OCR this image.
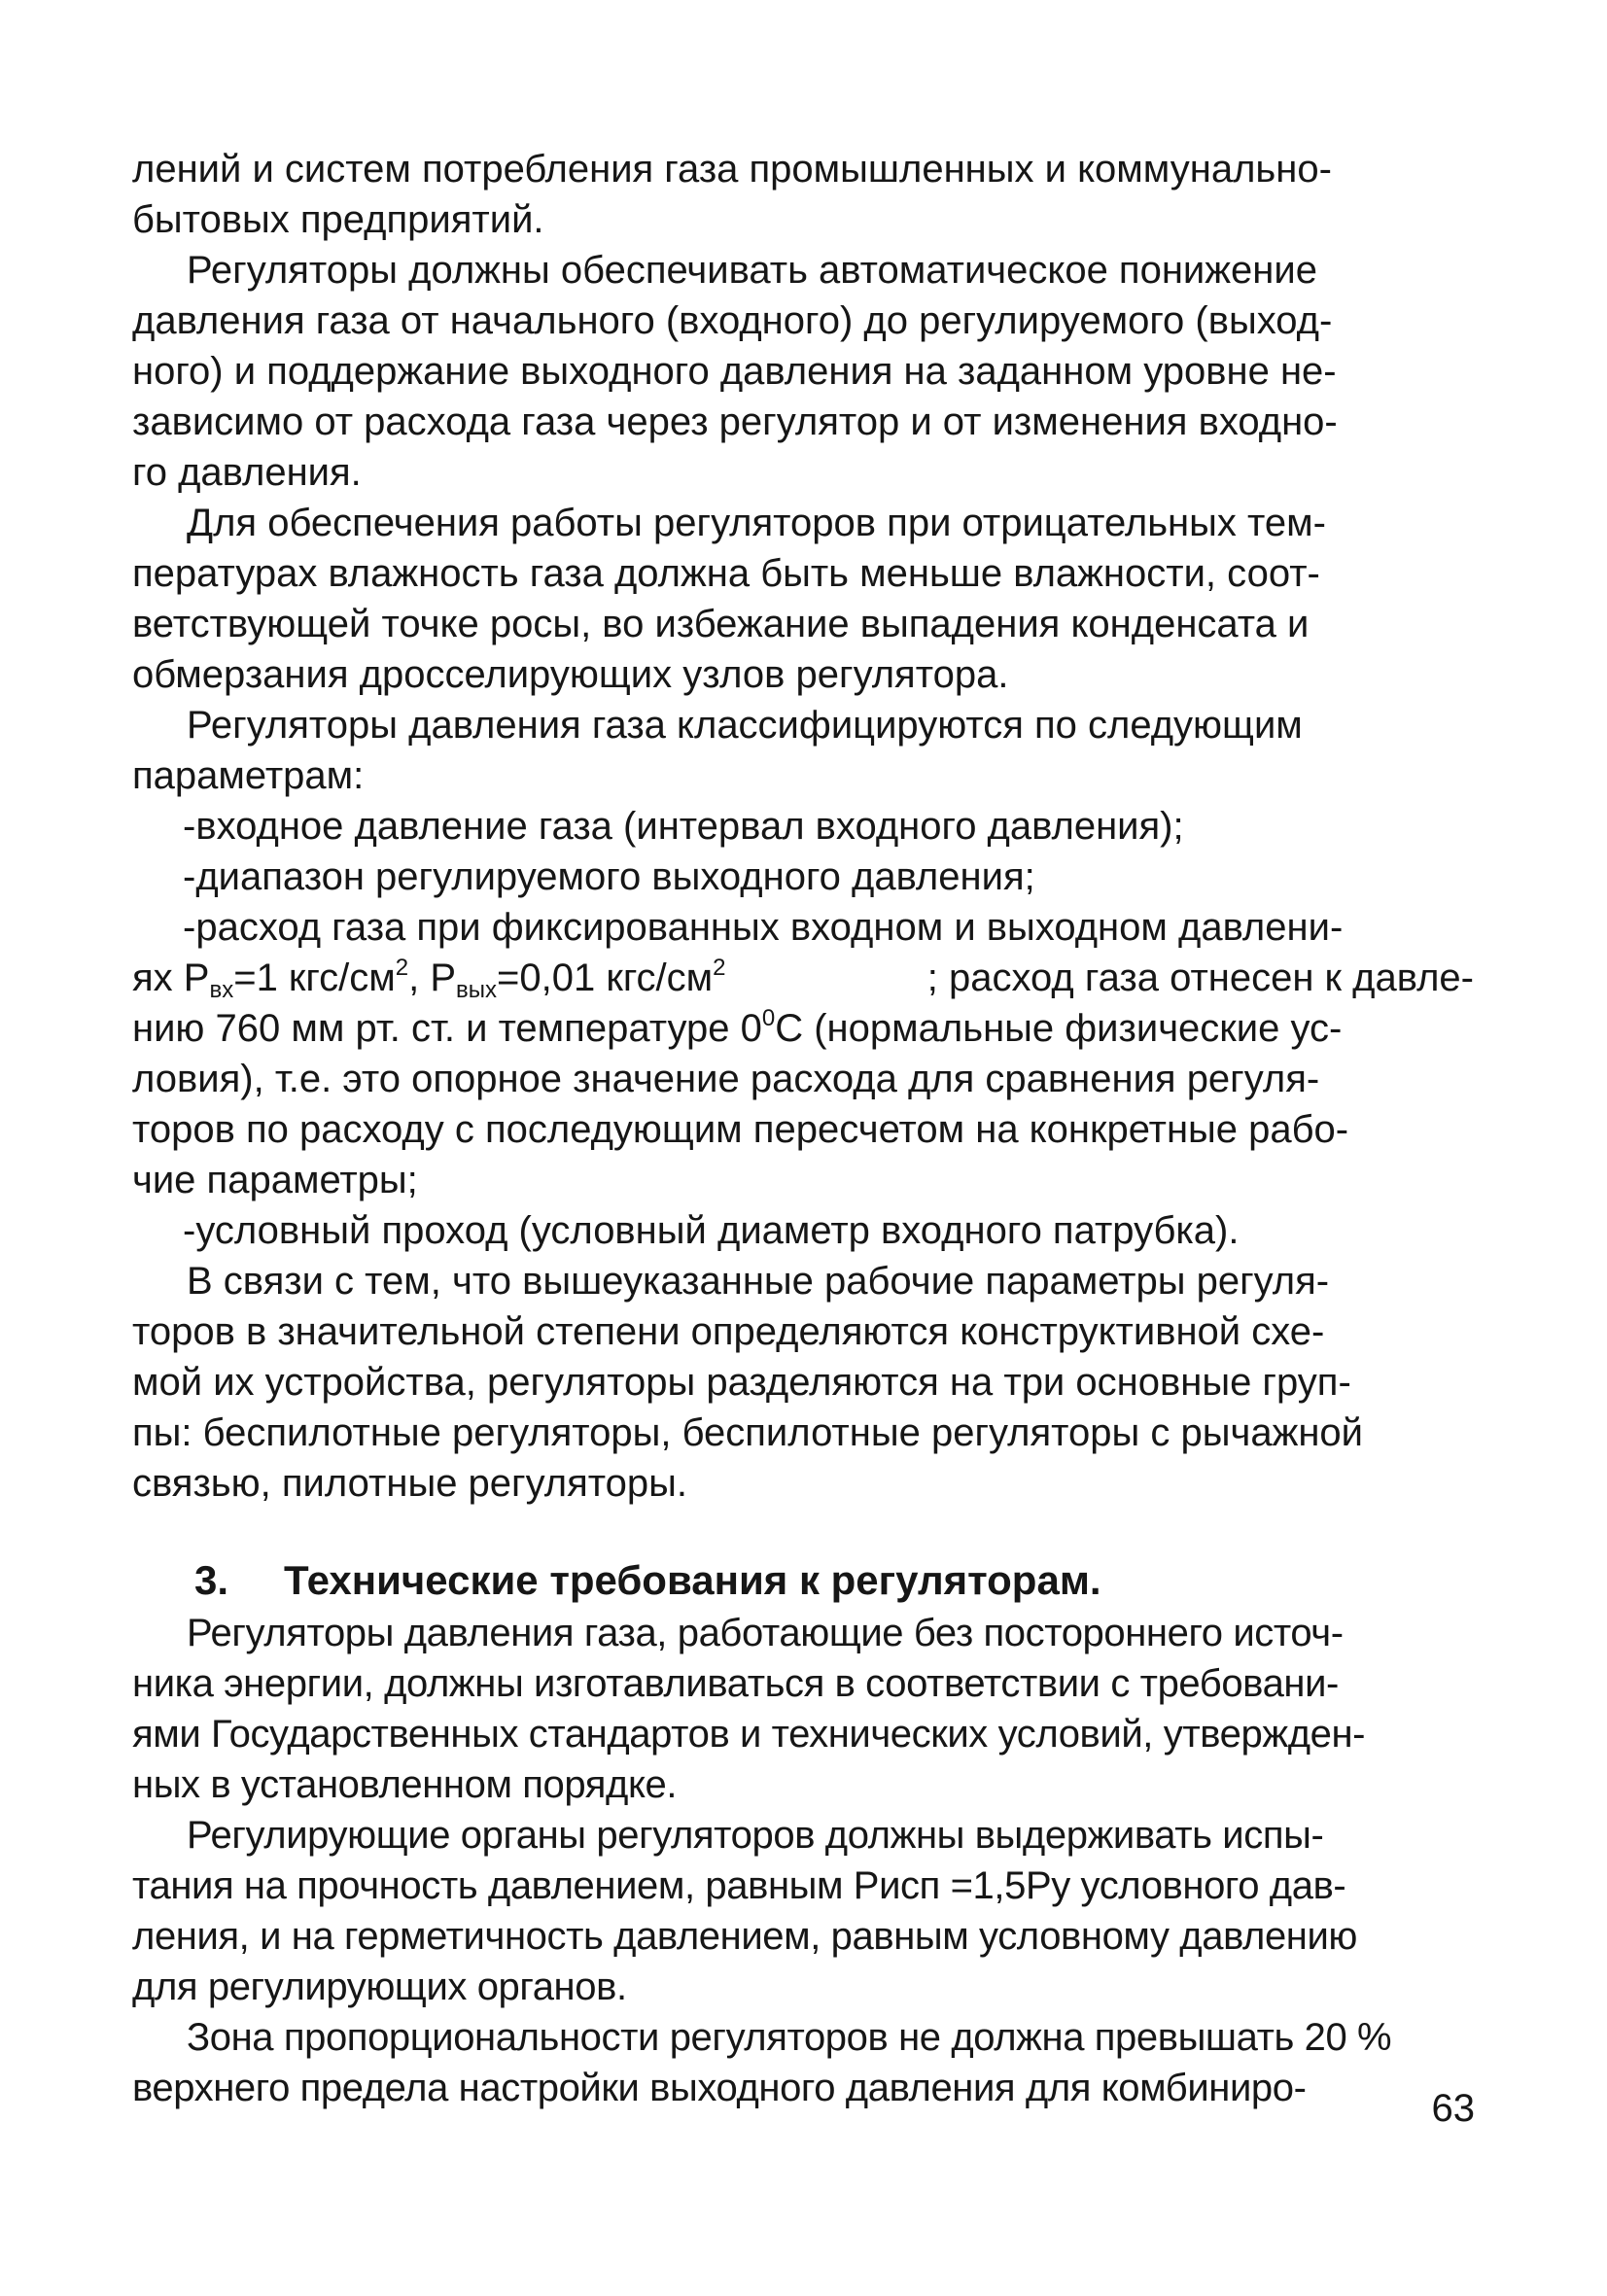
лений и систем потребления газа промышленных и коммунально-
бытовых предприятий.
Регуляторы должны обеспечивать автоматическое понижение
давления газа от начального (входного) до регулируемого (выход-
ного) и поддержание выходного давления на заданном уровне не-
зависимо от расхода газа через регулятор и от изменения входно-
го давления.
Для обеспечения работы регуляторов при отрицательных тем-
пературах влажность газа должна быть меньше влажности, соот-
ветствующей точке росы, во избежание выпадения конденсата и
обмерзания дросселирующих узлов регулятора.
Регуляторы давления газа классифицируются по следующим
параметрам:
-входное давление газа (интервал входного давления);
-диапазон регулируемого выходного давления;
-расход газа при фиксированных входном и выходном давлени-
ях $Р_{вх}=1$ кгс/$см^2$, $Р_{вых}=0,01$ кгс/$см^2$	; расход газа отнесен к давле-
нию 760 мм рт. ст. и температуре $0^0С$ (нормальные физические ус-
ловия), т.е. это опорное значение расхода для сравнения регуля-
торов по расходу с последующим пересчетом на конкретные рабо-
чие параметры;
-условный проход (условный диаметр входного патрубка).
В связи с тем, что вышеуказанные рабочие параметры регуля-
торов в значительной степени определяются конструктивной схе-
мой их устройства, регуляторы разделяются на три основные груп-
пы: беспилотные регуляторы, беспилотные регуляторы с рычажной
связью, пилотные регуляторы.
3. Технические требования к регуляторам.
Регуляторы давления газа, работающие без постороннего источ-
ника энергии, должны изготавливаться в соответствии с требовани-
ями Государственных стандартов и технических условий, утвержден-
ных в установленном порядке.
Регулирующие органы регуляторов должны выдерживать испы-
тания на прочность давлением, равным Рисп =1,5Ру условного дав-
ления, и на герметичность давлением, равным условному давлению
для регулирующих органов.
Зона пропорциональности регуляторов не должна превышать 20 %
верхнего предела настройки выходного давления для комбиниро-	63
